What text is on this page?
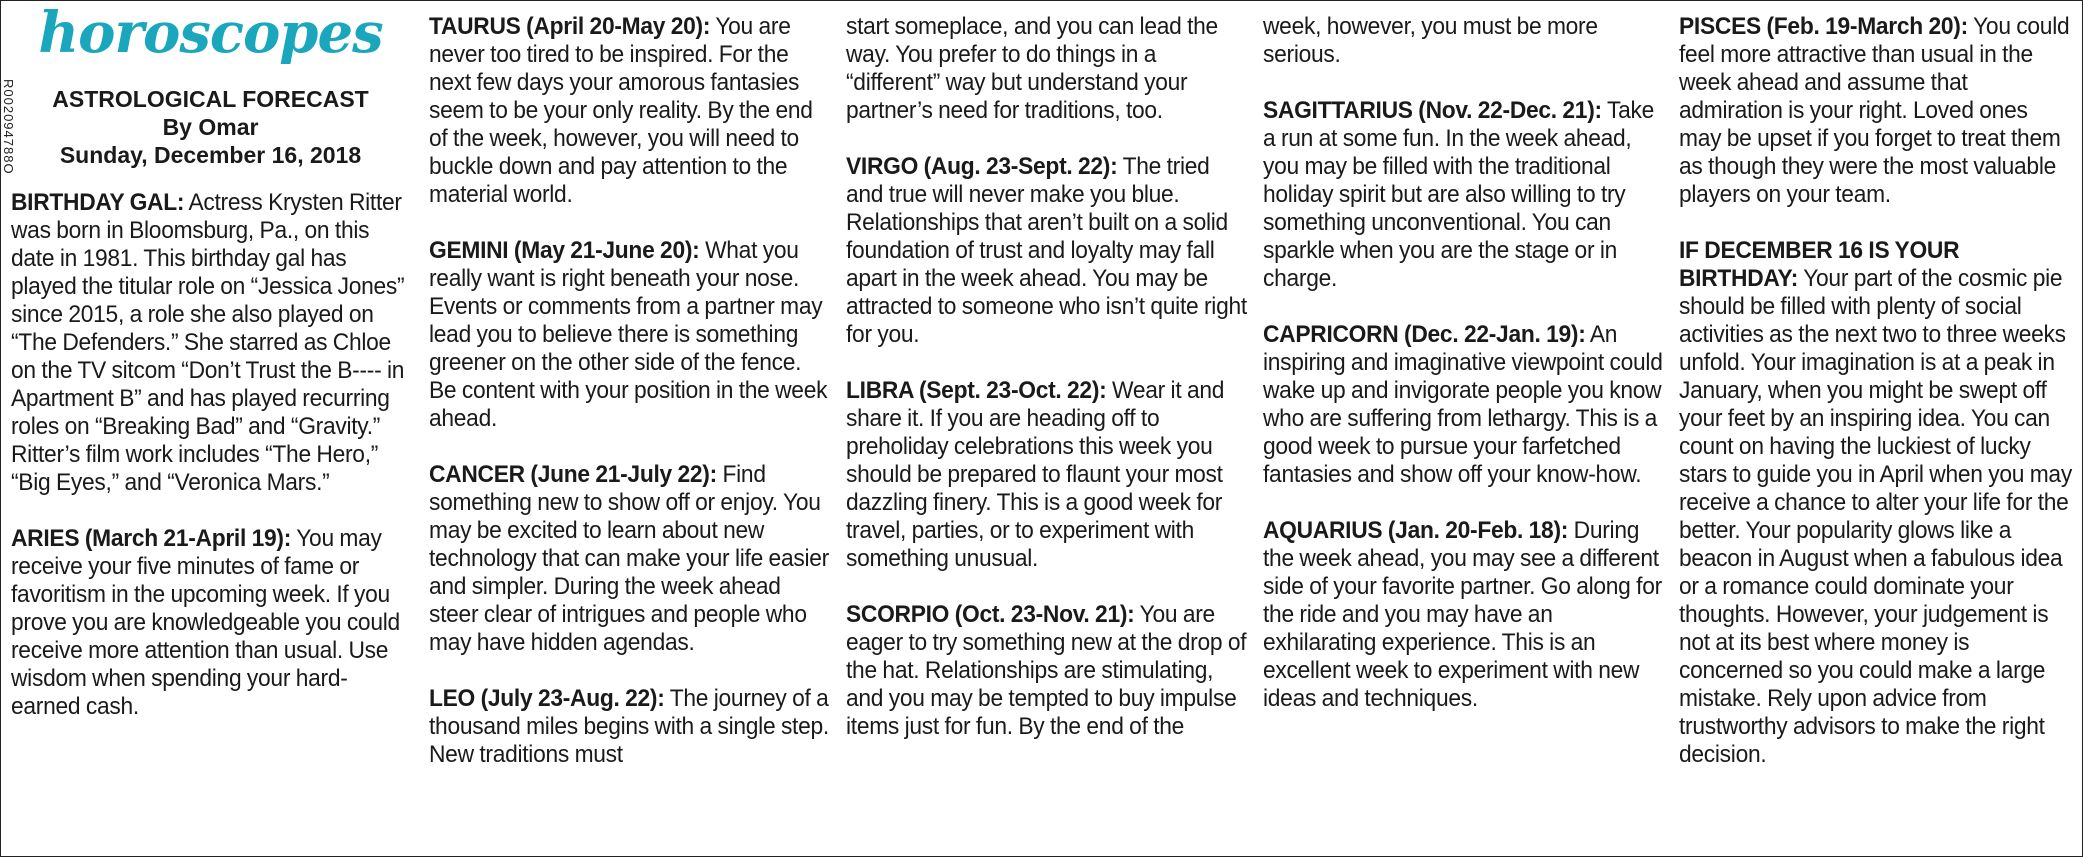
R002094788O
horoscopes
ASTROLOGICAL FORECAST
By Omar
Sunday, December 16, 2018

BIRTHDAY GAL: Actress Krysten Ritter was born in Bloomsburg, Pa., on this date in 1981. This birthday gal has played the titular role on “Jessica Jones” since 2015, a role she also played on “The Defenders.” She starred as Chloe on the TV sitcom “Don’t Trust the B---- in Apartment B” and has played recurring roles on “Breaking Bad” and “Gravity.” Ritter’s film work includes “The Hero,” “Big Eyes,” and “Veronica Mars.”

ARIES (March 21-April 19): You may receive your five minutes of fame or favoritism in the upcoming week. If you prove you are knowledgeable you could receive more attention than usual. Use wisdom when spending your hard-earned cash.

TAURUS (April 20-May 20): You are never too tired to be inspired. For the next few days your amorous fantasies seem to be your only reality. By the end of the week, however, you will need to buckle down and pay attention to the material world.

GEMINI (May 21-June 20): What you really want is right beneath your nose. Events or comments from a partner may lead you to believe there is something greener on the other side of the fence. Be content with your position in the week ahead.

CANCER (June 21-July 22): Find something new to show off or enjoy. You may be excited to learn about new technology that can make your life easier and simpler. During the week ahead steer clear of intrigues and people who may have hidden agendas.

LEO (July 23-Aug. 22): The journey of a thousand miles begins with a single step. New traditions must

start someplace, and you can lead the way. You prefer to do things in a “different” way but understand your partner’s need for traditions, too.

VIRGO (Aug. 23-Sept. 22): The tried and true will never make you blue. Relationships that aren’t built on a solid foundation of trust and loyalty may fall apart in the week ahead. You may be attracted to someone who isn’t quite right for you.

LIBRA (Sept. 23-Oct. 22): Wear it and share it. If you are heading off to preholiday celebrations this week you should be prepared to flaunt your most dazzling finery. This is a good week for travel, parties, or to experiment with something unusual.

SCORPIO (Oct. 23-Nov. 21): You are eager to try something new at the drop of the hat. Relationships are stimulating, and you may be tempted to buy impulse items just for fun. By the end of the

week, however, you must be more serious.

SAGITTARIUS (Nov. 22-Dec. 21): Take a run at some fun. In the week ahead, you may be filled with the traditional holiday spirit but are also willing to try something unconventional. You can sparkle when you are the stage or in charge.

CAPRICORN (Dec. 22-Jan. 19): An inspiring and imaginative viewpoint could wake up and invigorate people you know who are suffering from lethargy. This is a good week to pursue your farfetched fantasies and show off your know-how.

AQUARIUS (Jan. 20-Feb. 18): During the week ahead, you may see a different side of your favorite partner. Go along for the ride and you may have an exhilarating experience. This is an excellent week to experiment with new ideas and techniques.

PISCES (Feb. 19-March 20): You could feel more attractive than usual in the week ahead and assume that admiration is your right. Loved ones may be upset if you forget to treat them as though they were the most valuable players on your team.

IF DECEMBER 16 IS YOUR BIRTHDAY: Your part of the cosmic pie should be filled with plenty of social activities as the next two to three weeks unfold. Your imagination is at a peak in January, when you might be swept off your feet by an inspiring idea. You can count on having the luckiest of lucky stars to guide you in April when you may receive a chance to alter your life for the better. Your popularity glows like a beacon in August when a fabulous idea or a romance could dominate your thoughts. However, your judgement is not at its best where money is concerned so you could make a large mistake. Rely upon advice from trustworthy advisors to make the right decision.
